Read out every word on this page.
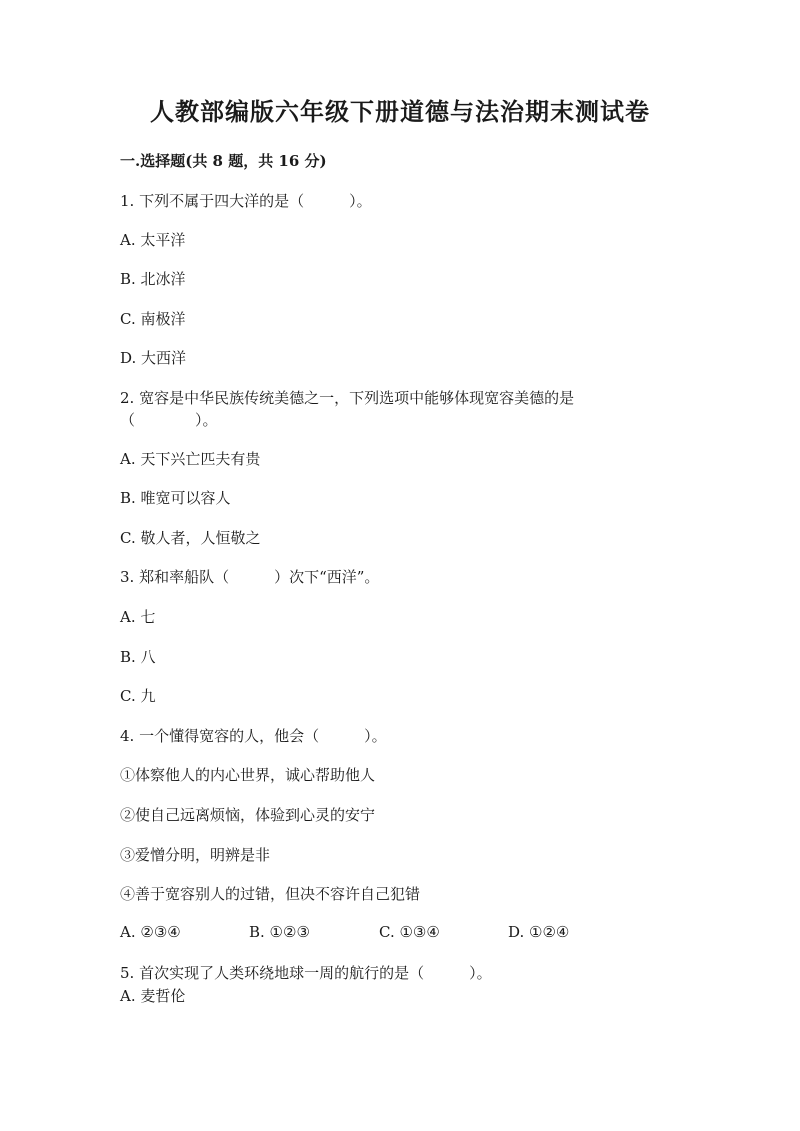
人教部编版六年级下册道德与法治期末测试卷
一.选择题(共 8 题，共 16 分)
1. 下列不属于四大洋的是（　　　）。
A. 太平洋
B. 北冰洋
C. 南极洋
D. 大西洋
2. 宽容是中华民族传统美德之一，下列选项中能够体现宽容美德的是
（　　　　）。
A. 天下兴亡匹夫有贵
B. 唯宽可以容人
C. 敬人者，人恒敬之
3. 郑和率船队（　　　）次下“西洋”。
A. 七
B. 八
C. 九
4. 一个懂得宽容的人，他会（　　　）。
①体察他人的内心世界，诚心帮助他人
②使自己远离烦恼，体验到心灵的安宁
③爱憎分明，明辨是非
④善于宽容别人的过错，但决不容许自己犯错
A. ②③④	B. ①②③	C. ①③④	D. ①②④
5. 首次实现了人类环绕地球一周的航行的是（　　　）。
A. 麦哲伦
